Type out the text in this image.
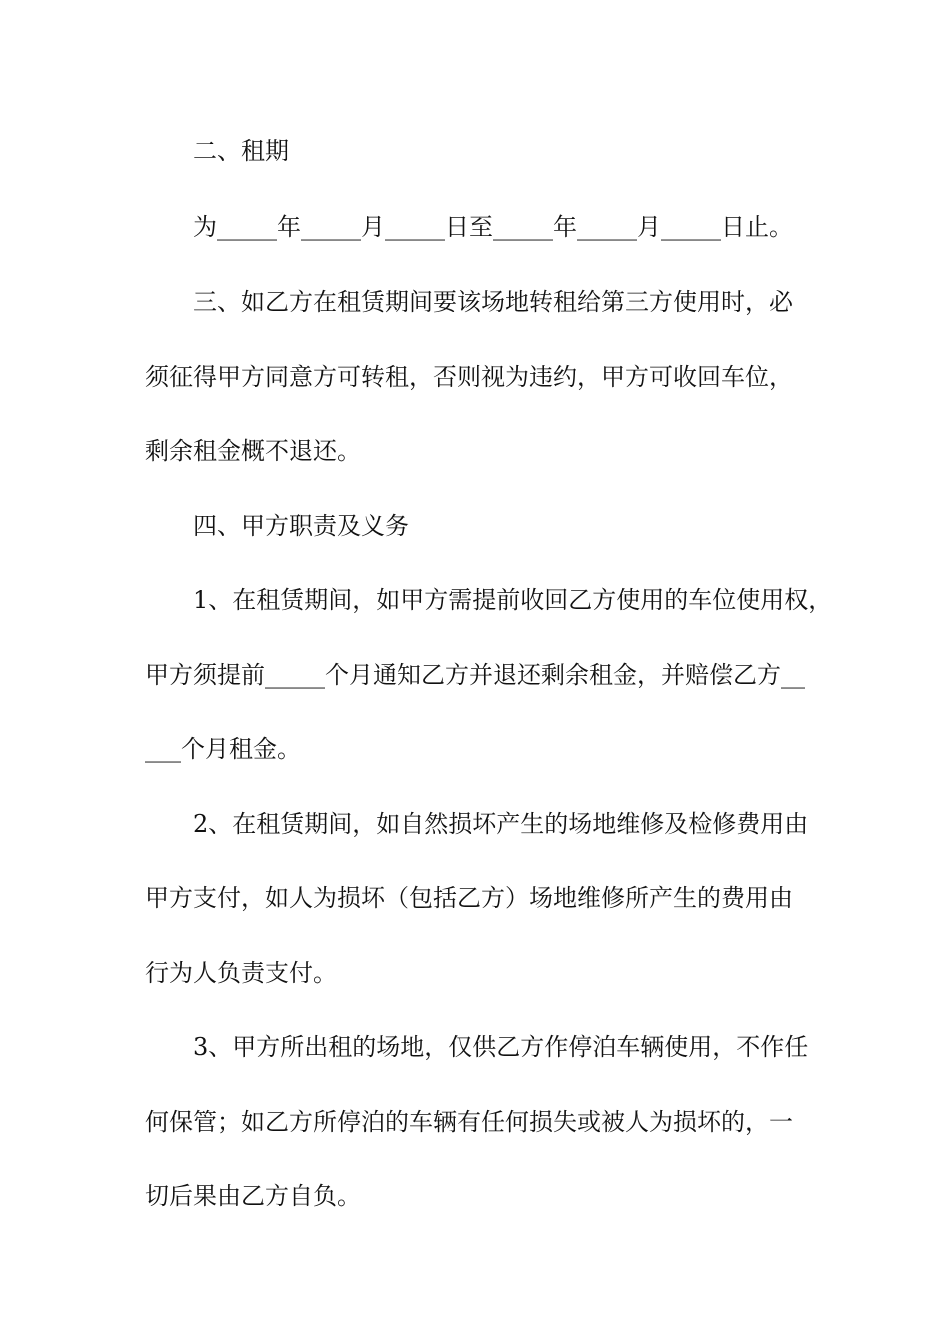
二、租期
为_____年_____月_____日至_____年_____月_____日止。
三、如乙方在租赁期间要该场地转租给第三方使用时，必
须征得甲方同意方可转租，否则视为违约，甲方可收回车位，
剩余租金概不退还。
四、甲方职责及义务
1、在租赁期间，如甲方需提前收回乙方使用的车位使用权，
甲方须提前_____个月通知乙方并退还剩余租金，并赔偿乙方__
___个月租金。
2、在租赁期间，如自然损坏产生的场地维修及检修费用由
甲方支付，如人为损坏（包括乙方）场地维修所产生的费用由
行为人负责支付。
3、甲方所出租的场地，仅供乙方作停泊车辆使用，不作任
何保管；如乙方所停泊的车辆有任何损失或被人为损坏的，一
切后果由乙方自负。
